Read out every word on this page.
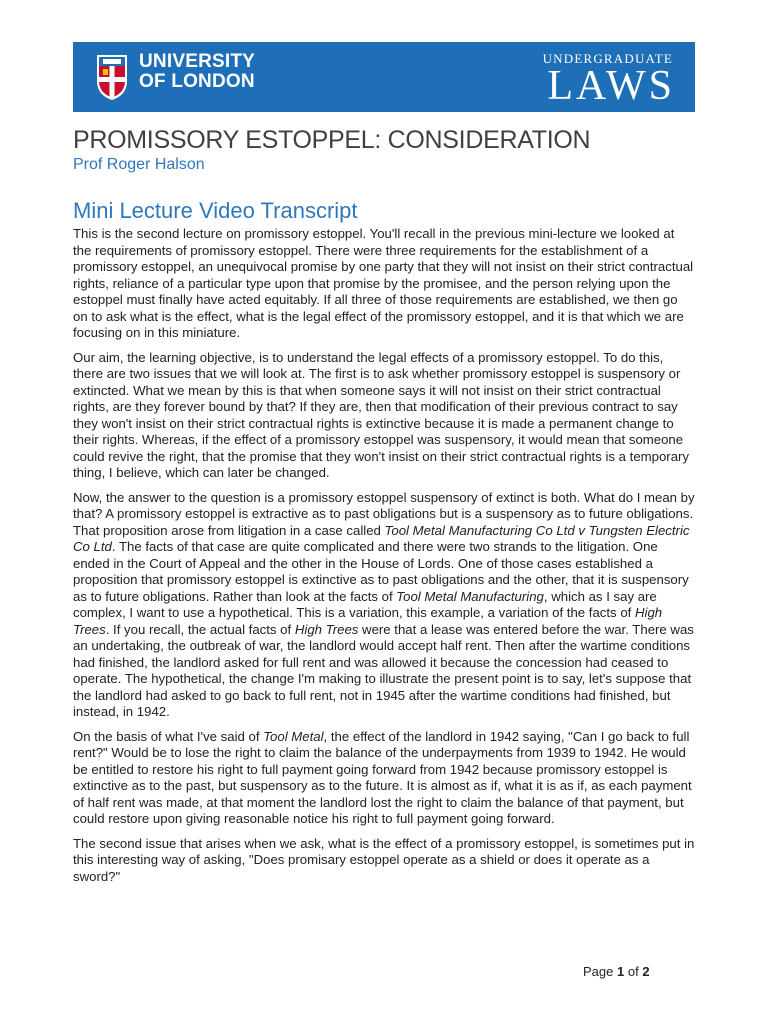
UNIVERSITY
OF LONDON
UNDERGRADUATE
LAWS
PROMISSORY ESTOPPEL: CONSIDERATION
Prof Roger Halson
Mini Lecture Video Transcript

This is the second lecture on promissory estoppel. You'll recall in the previous mini-lecture we looked at the requirements of promissory estoppel. There were three requirements for the establishment of a promissory estoppel, an unequivocal promise by one party that they will not insist on their strict contractual rights, reliance of a particular type upon that promise by the promisee, and the person relying upon the estoppel must finally have acted equitably. If all three of those requirements are established, we then go on to ask what is the effect, what is the legal effect of the promissory estoppel, and it is that which we are focusing on in this miniature.

Our aim, the learning objective, is to understand the legal effects of a promissory estoppel. To do this, there are two issues that we will look at. The first is to ask whether promissory estoppel is suspensory or extincted. What we mean by this is that when someone says it will not insist on their strict contractual rights, are they forever bound by that? If they are, then that modification of their previous contract to say they won't insist on their strict contractual rights is extinctive because it is made a permanent change to their rights. Whereas, if the effect of a promissory estoppel was suspensory, it would mean that someone could revive the right, that the promise that they won't insist on their strict contractual rights is a temporary thing, I believe, which can later be changed.

Now, the answer to the question is a promissory estoppel suspensory of extinct is both. What do I mean by that? A promissory estoppel is extractive as to past obligations but is a suspensory as to future obligations. That proposition arose from litigation in a case called Tool Metal Manufacturing Co Ltd v Tungsten Electric Co Ltd. The facts of that case are quite complicated and there were two strands to the litigation. One ended in the Court of Appeal and the other in the House of Lords. One of those cases established a proposition that promissory estoppel is extinctive as to past obligations and the other, that it is suspensory as to future obligations. Rather than look at the facts of Tool Metal Manufacturing, which as I say are complex, I want to use a hypothetical. This is a variation, this example, a variation of the facts of High Trees. If you recall, the actual facts of High Trees were that a lease was entered before the war. There was an undertaking, the outbreak of war, the landlord would accept half rent. Then after the wartime conditions had finished, the landlord asked for full rent and was allowed it because the concession had ceased to operate. The hypothetical, the change I'm making to illustrate the present point is to say, let's suppose that the landlord had asked to go back to full rent, not in 1945 after the wartime conditions had finished, but instead, in 1942.

On the basis of what I've said of Tool Metal, the effect of the landlord in 1942 saying, "Can I go back to full rent?" Would be to lose the right to claim the balance of the underpayments from 1939 to 1942. He would be entitled to restore his right to full payment going forward from 1942 because promissory estoppel is extinctive as to the past, but suspensory as to the future. It is almost as if, what it is as if, as each payment of half rent was made, at that moment the landlord lost the right to claim the balance of that payment, but could restore upon giving reasonable notice his right to full payment going forward.

The second issue that arises when we ask, what is the effect of a promissory estoppel, is sometimes put in this interesting way of asking, "Does promisary estoppel operate as a shield or does it operate as a sword?"

Page 1 of 2
